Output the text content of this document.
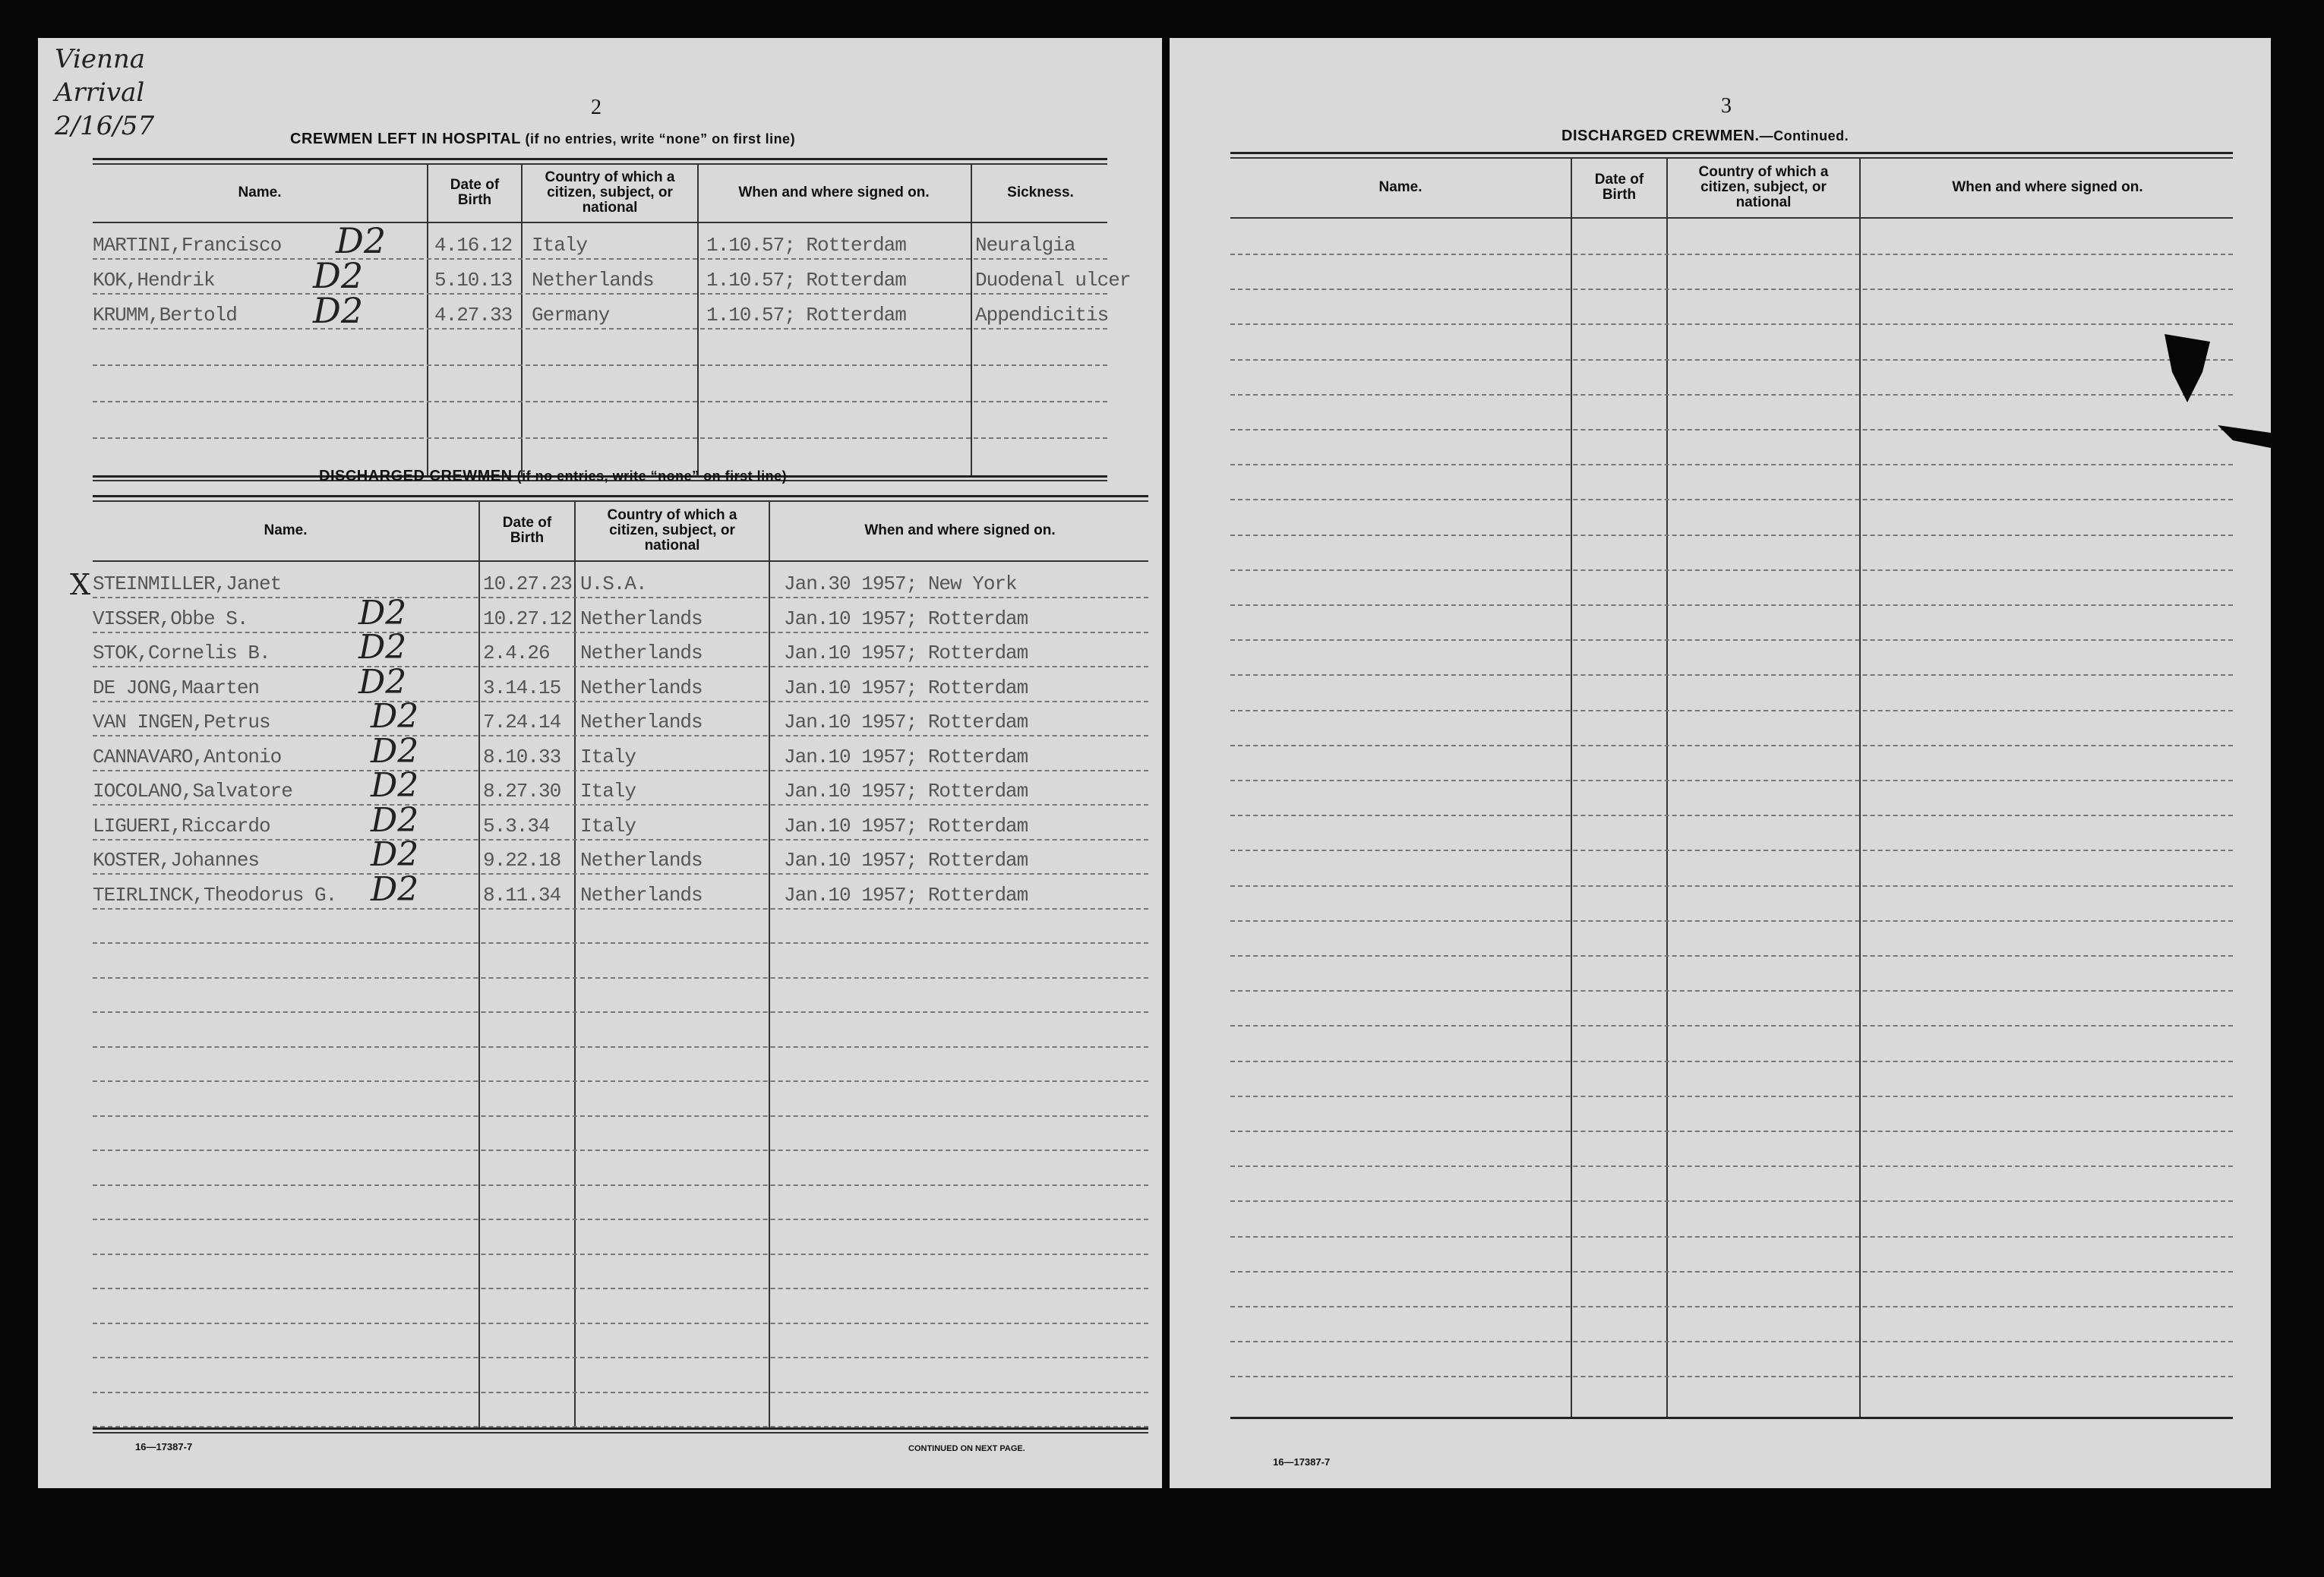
Vienna Arrival 2/16/57
2
CREWMEN LEFT IN HOSPITAL (if no entries, write “none” on first line)
Name.	Date of Birth
Country of which a citizen, subject, or national
When and where signed on.	Sickness.
MARTINI,Francisco D2 4.16.12 Italy	1.10.57; Rotterdam	Neuralgia
KOK,Hendrik	D2	5.10.13 Netherlands	1.10.57; Rotterdam	Duodenal ulcer
KRUMM,Bertold D2	4.27.33 Germany	1.10.57; Rotterdam	Appendicitis
DISCHARGED CREWMEN (if no entries, write “none” on first line)
Name.	Date of Birth
Country of which a citizen, subject, or national
When and where signed on.
X STEINMILLER,Janet	10.27.23 U.S.A.	Jan.30 1957; New York
VISSER,Obbe S.	D2	10.27.12 Netherlands	Jan.10 1957; Rotterdam
STOK,Cornelis B.	D2	2.4.26 Netherlands	Jan.10 1957; Rotterdam
DE JONG,Maarten	D2	3.14.15 Netherlands	Jan.10 1957; Rotterdam
VAN INGEN,Petrus	D2	7.24.14 Netherlands	Jan.10 1957; Rotterdam
CANNAVARO,Antonio	D2	8.10.33 Italy	Jan.10 1957; Rotterdam
IOCOLANO,Salvatore D2	8.27.30 Italy	Jan.10 1957; Rotterdam
LIGUERI,Riccardo	D2	5.3.34 Italy	Jan.10 1957; Rotterdam
KOSTER,Johannes	D2	9.22.18 Netherlands	Jan.10 1957; Rotterdam
TEIRLINCK,Theodorus G. D2	8.11.34 Netherlands	Jan.10 1957; Rotterdam
16—17387-7	CONTINUED ON NEXT PAGE.
3
DISCHARGED CREWMEN.—Continued.
Name.	Date of Birth
Country of which a citizen, subject, or national
When and where signed on.
16—17387-7
